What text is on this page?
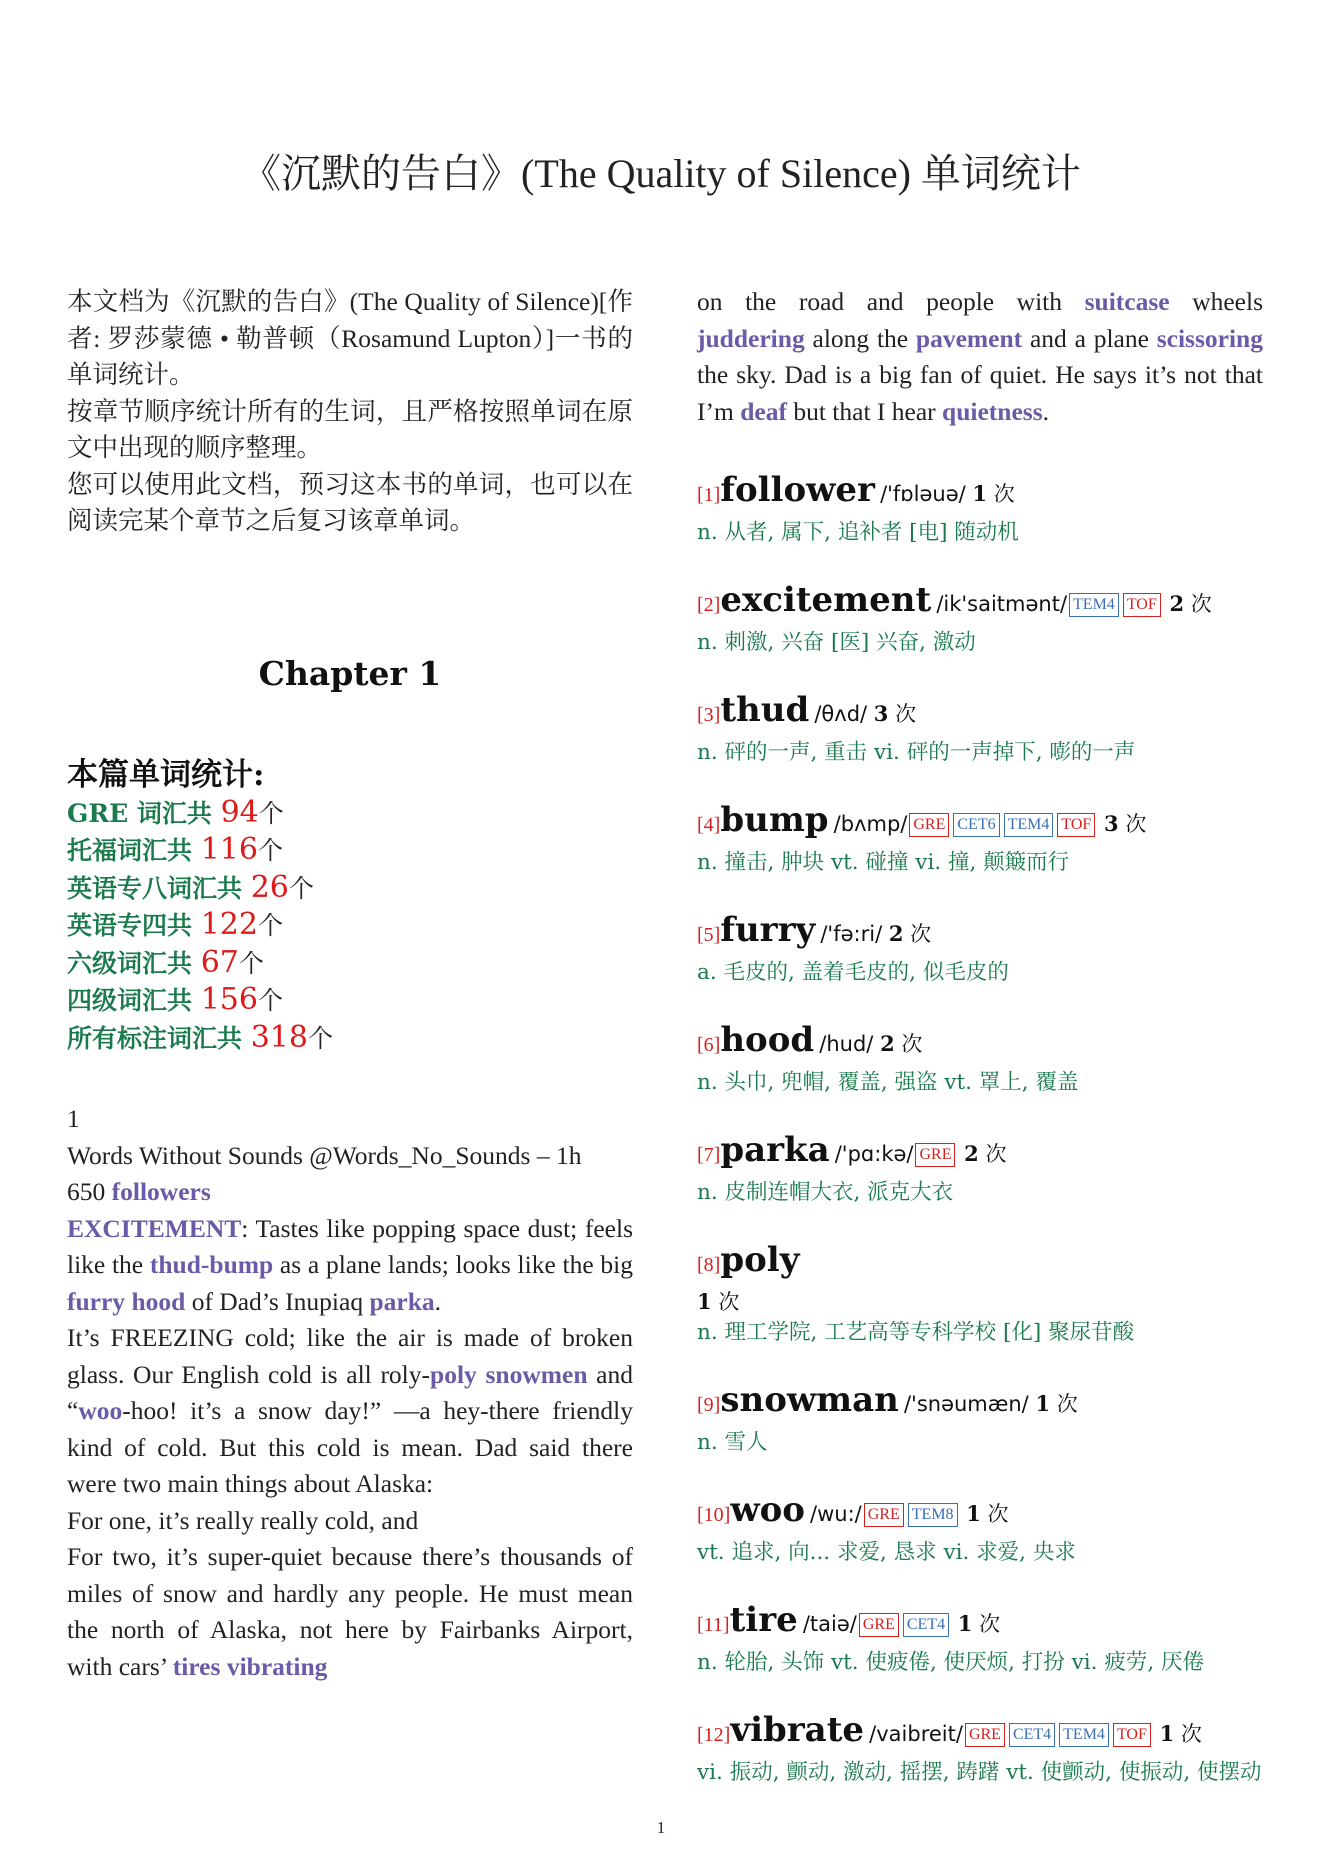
《沉默的告白》(The Quality of Silence) 单词统计

本文档为《沉默的告白》(The Quality of Silence)[作者: 罗莎蒙德 • 勒普顿（Rosamund Lupton）]一书的单词统计。

按章节顺序统计所有的生词，且严格按照单词在原文中出现的顺序整理。

您可以使用此文档，预习这本书的单词，也可以在阅读完某个章节之后复习该章单词。

Chapter 1
本篇单词统计:
GRE 词汇共 94个
托福词汇共 116个
英语专八词汇共 26个
英语专四共 122个
六级词汇共 67个
四级词汇共 156个
所有标注词汇共 318个

1

Words Without Sounds @Words_No_Sounds – 1h

650 followers

EXCITEMENT: Tastes like popping space dust; feels like the thud-bump as a plane lands; looks like the big furry hood of Dad’s Inupiaq parka.

It’s FREEZING cold; like the air is made of broken glass. Our English cold is all roly-poly snowmen and “woo-hoo! it’s a snow day!” —a hey-there friendly kind of cold. But this cold is mean. Dad said there were two main things about Alaska:

For one, it’s really really cold, and

For two, it’s super-quiet because there’s thousands of miles of snow and hardly any people. He must mean the north of Alaska, not here by Fairbanks Airport, with cars’ tires vibrating

on the road and people with suitcase wheels juddering along the pavement and a plane scissoring the sky. Dad is a big fan of quiet. He says it’s not that I’m deaf but that I hear quietness.
[1]follower /'fɒləuə/ 1 次
n. 从者, 属下, 追补者 [电] 随动机
[2]excitement /ik'saitmənt/ TEM4 TOF 2 次
n. 刺激, 兴奋 [医] 兴奋, 激动
[3]thud /θʌd/ 3 次
n. 砰的一声, 重击 vi. 砰的一声掉下, 嘭的一声
[4]bump /bʌmp/ GRE CET6 TEM4 TOF 3 次
n. 撞击, 肿块 vt. 碰撞 vi. 撞, 颠簸而行
[5]furry /'fə:ri/ 2 次
a. 毛皮的, 盖着毛皮的, 似毛皮的
[6]hood /hud/ 2 次
n. 头巾, 兜帽, 覆盖, 强盗 vt. 罩上, 覆盖
[7]parka /'pɑ:kə/ GRE 2 次
n. 皮制连帽大衣, 派克大衣
[8]poly
1 次
n. 理工学院, 工艺高等专科学校 [化] 聚尿苷酸
[9]snowman /'snəumæn/ 1 次
n. 雪人
[10]woo /wu:/ GRE TEM8 1 次
vt. 追求, 向... 求爱, 恳求 vi. 求爱, 央求
[11]tire /taiə/ GRE CET4 1 次
n. 轮胎, 头饰 vt. 使疲倦, 使厌烦, 打扮 vi. 疲劳, 厌倦
[12]vibrate /vaibreit/ GRE CET4 TEM4 TOF 1 次
vi. 振动, 颤动, 激动, 摇摆, 踌躇 vt. 使颤动, 使振动, 使摆动
1
